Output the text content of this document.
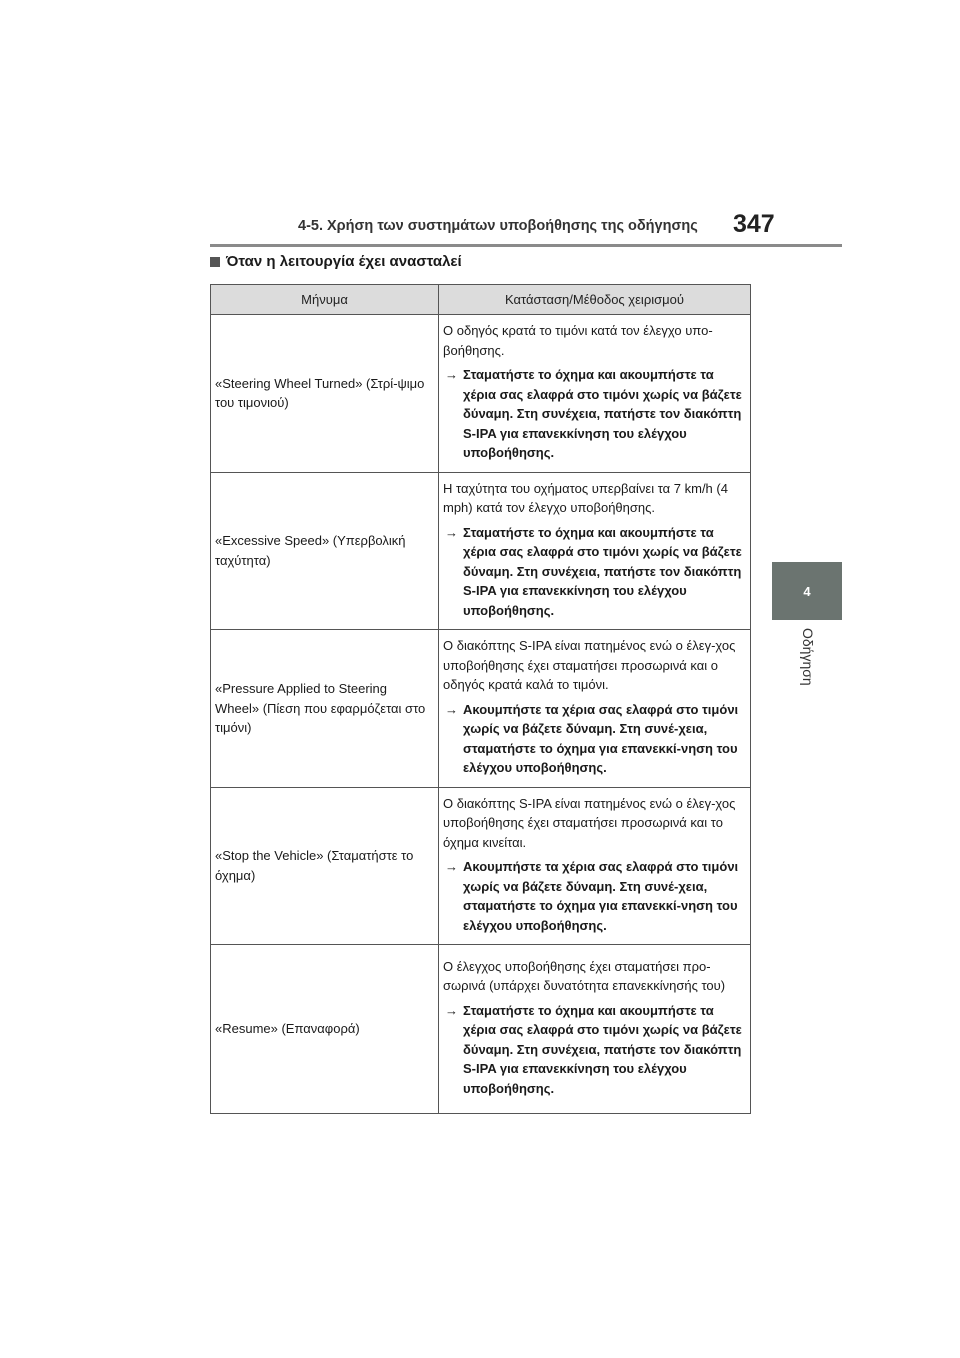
4-5. Χρήση των συστημάτων υποβοήθησης της οδήγησης 347
4
Οδήγηση
Όταν η λειτουργία έχει ανασταλεί
Μήνυμα	Κατάσταση/Μέθοδος χειρισμού
«Steering Wheel Turned» (Στρί-ψιμο του τιμονιού)	Ο οδηγός κρατά το τιμόνι κατά τον έλεγχο υπο-βοήθησης.

→ Σταματήστε το όχημα και ακουμπήστε τα χέρια σας ελαφρά στο τιμόνι χωρίς να βάζετε δύναμη. Στη συνέχεια, πατήστε τον διακόπτη S-IPA για επανεκκίνηση του ελέγχου υποβοήθησης.

«Excessive Speed» (Υπερβολική ταχύτητα)	Η ταχύτητα του οχήματος υπερβαίνει τα 7 km/h (4 mph) κατά τον έλεγχο υποβοήθησης.

→ Σταματήστε το όχημα και ακουμπήστε τα χέρια σας ελαφρά στο τιμόνι χωρίς να βάζετε δύναμη. Στη συνέχεια, πατήστε τον διακόπτη S-IPA για επανεκκίνηση του ελέγχου υποβοήθησης.

«Pressure Applied to Steering Wheel» (Πίεση που εφαρμόζεται στο τιμόνι)	Ο διακόπτης S-IPA είναι πατημένος ενώ ο έλεγ-χος υποβοήθησης έχει σταματήσει προσωρινά και ο οδηγός κρατά καλά το τιμόνι.

→ Ακουμπήστε τα χέρια σας ελαφρά στο τιμόνι χωρίς να βάζετε δύναμη. Στη συνέ-χεια, σταματήστε το όχημα για επανεκκί-νηση του ελέγχου υποβοήθησης.

«Stop the Vehicle» (Σταματήστε το όχημα)	Ο διακόπτης S-IPA είναι πατημένος ενώ ο έλεγ-χος υποβοήθησης έχει σταματήσει προσωρινά και το όχημα κινείται.

→ Ακουμπήστε τα χέρια σας ελαφρά στο τιμόνι χωρίς να βάζετε δύναμη. Στη συνέ-χεια, σταματήστε το όχημα για επανεκκί-νηση του ελέγχου υποβοήθησης.

«Resume» (Επαναφορά)	Ο έλεγχος υποβοήθησης έχει σταματήσει προ-σωρινά (υπάρχει δυνατότητα επανεκκίνησής του)

→ Σταματήστε το όχημα και ακουμπήστε τα χέρια σας ελαφρά στο τιμόνι χωρίς να βάζετε δύναμη. Στη συνέχεια, πατήστε τον διακόπτη S-IPA για επανεκκίνηση του ελέγχου υποβοήθησης.
